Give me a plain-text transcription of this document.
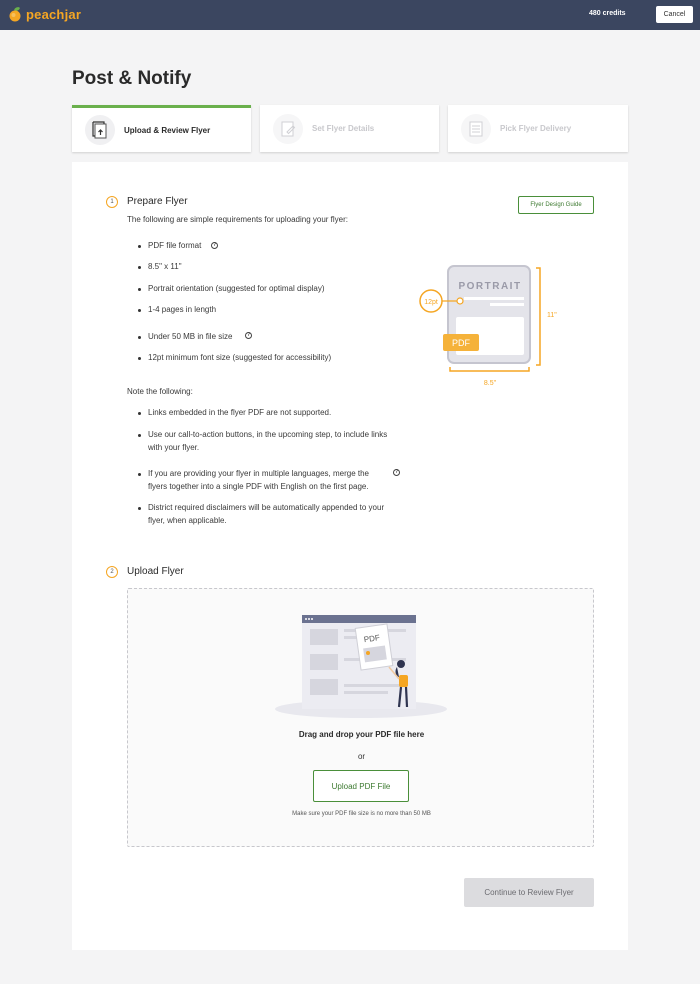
peachjar	480 credits	Cancel
Post & Notify
Upload & Review Flyer	Set Flyer Details	Pick Flyer Delivery
1	Prepare Flyer
The following are simple requirements for uploading your flyer:
Flyer Design Guide
PDF file format	?
8.5" x 11"
Portrait orientation (suggested for optimal display)
1-4 pages in length
Under 50 MB in file size	?
12pt minimum font size (suggested for accessibility)
Note the following:
Links embedded in the flyer PDF are not supported.
Use our call-to-action buttons, in the upcoming step, to include links
with your flyer.
If you are providing your flyer in multiple languages, merge the
flyers together into a single PDF with English on the first page.
?
District required disclaimers will be automatically appended to your
flyer, when applicable.
PORTRAIT
12pt
PDF
11"
8.5"
2	Upload Flyer
PDF
Drag and drop your PDF file here
or
Upload PDF File
Make sure your PDF file size is no more than 50 MB
Continue to Review Flyer
